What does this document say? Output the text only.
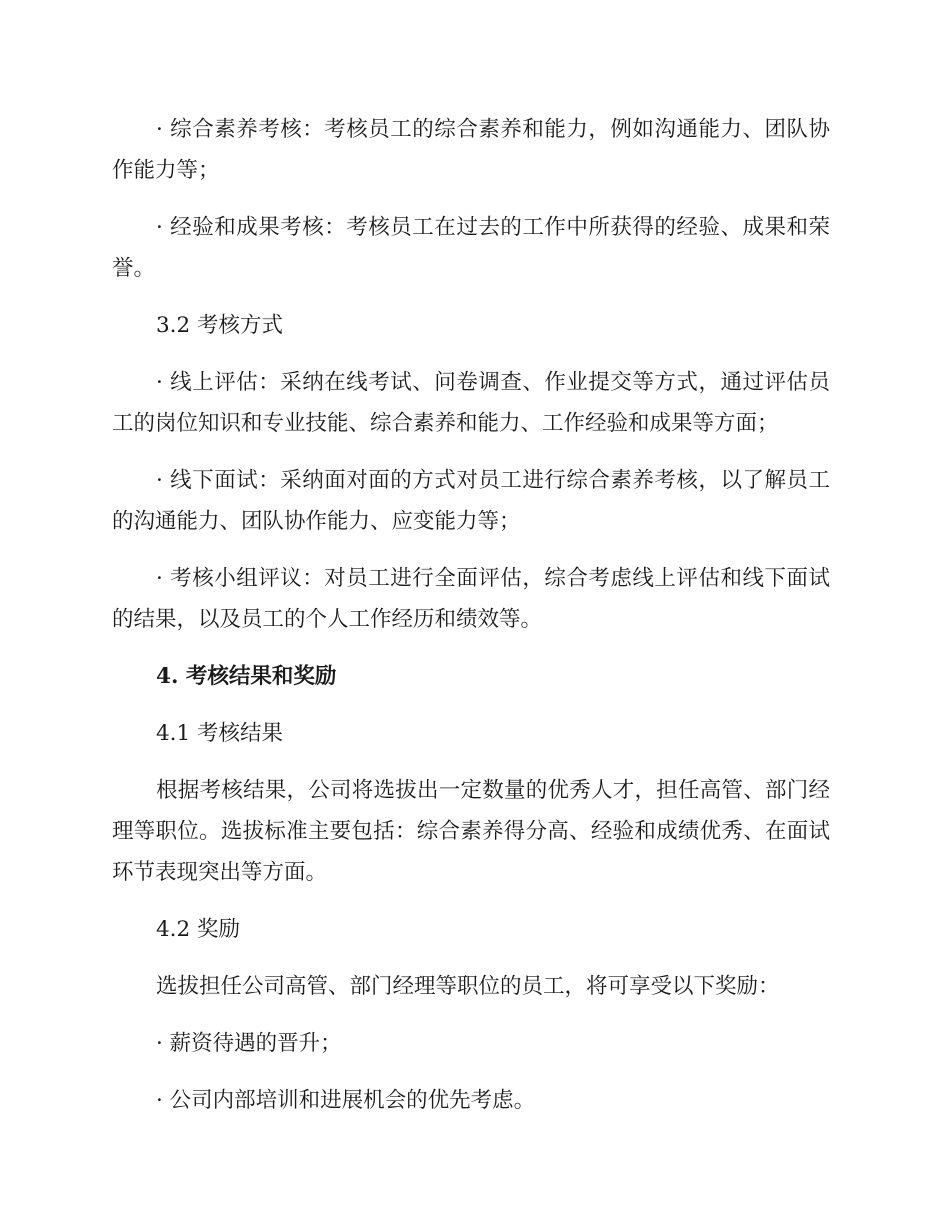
· 综合素养考核：考核员工的综合素养和能力，例如沟通能力、团队协作能力等；

· 经验和成果考核：考核员工在过去的工作中所获得的经验、成果和荣誉。

3.2 考核方式

· 线上评估：采纳在线考试、问卷调查、作业提交等方式，通过评估员工的岗位知识和专业技能、综合素养和能力、工作经验和成果等方面；

· 线下面试：采纳面对面的方式对员工进行综合素养考核，以了解员工的沟通能力、团队协作能力、应变能力等；

· 考核小组评议：对员工进行全面评估，综合考虑线上评估和线下面试的结果，以及员工的个人工作经历和绩效等。

4. 考核结果和奖励

4.1 考核结果

根据考核结果，公司将选拔出一定数量的优秀人才，担任高管、部门经理等职位。选拔标准主要包括：综合素养得分高、经验和成绩优秀、在面试环节表现突出等方面。

4.2 奖励

选拔担任公司高管、部门经理等职位的员工，将可享受以下奖励：

· 薪资待遇的晋升；

· 公司内部培训和进展机会的优先考虑。
